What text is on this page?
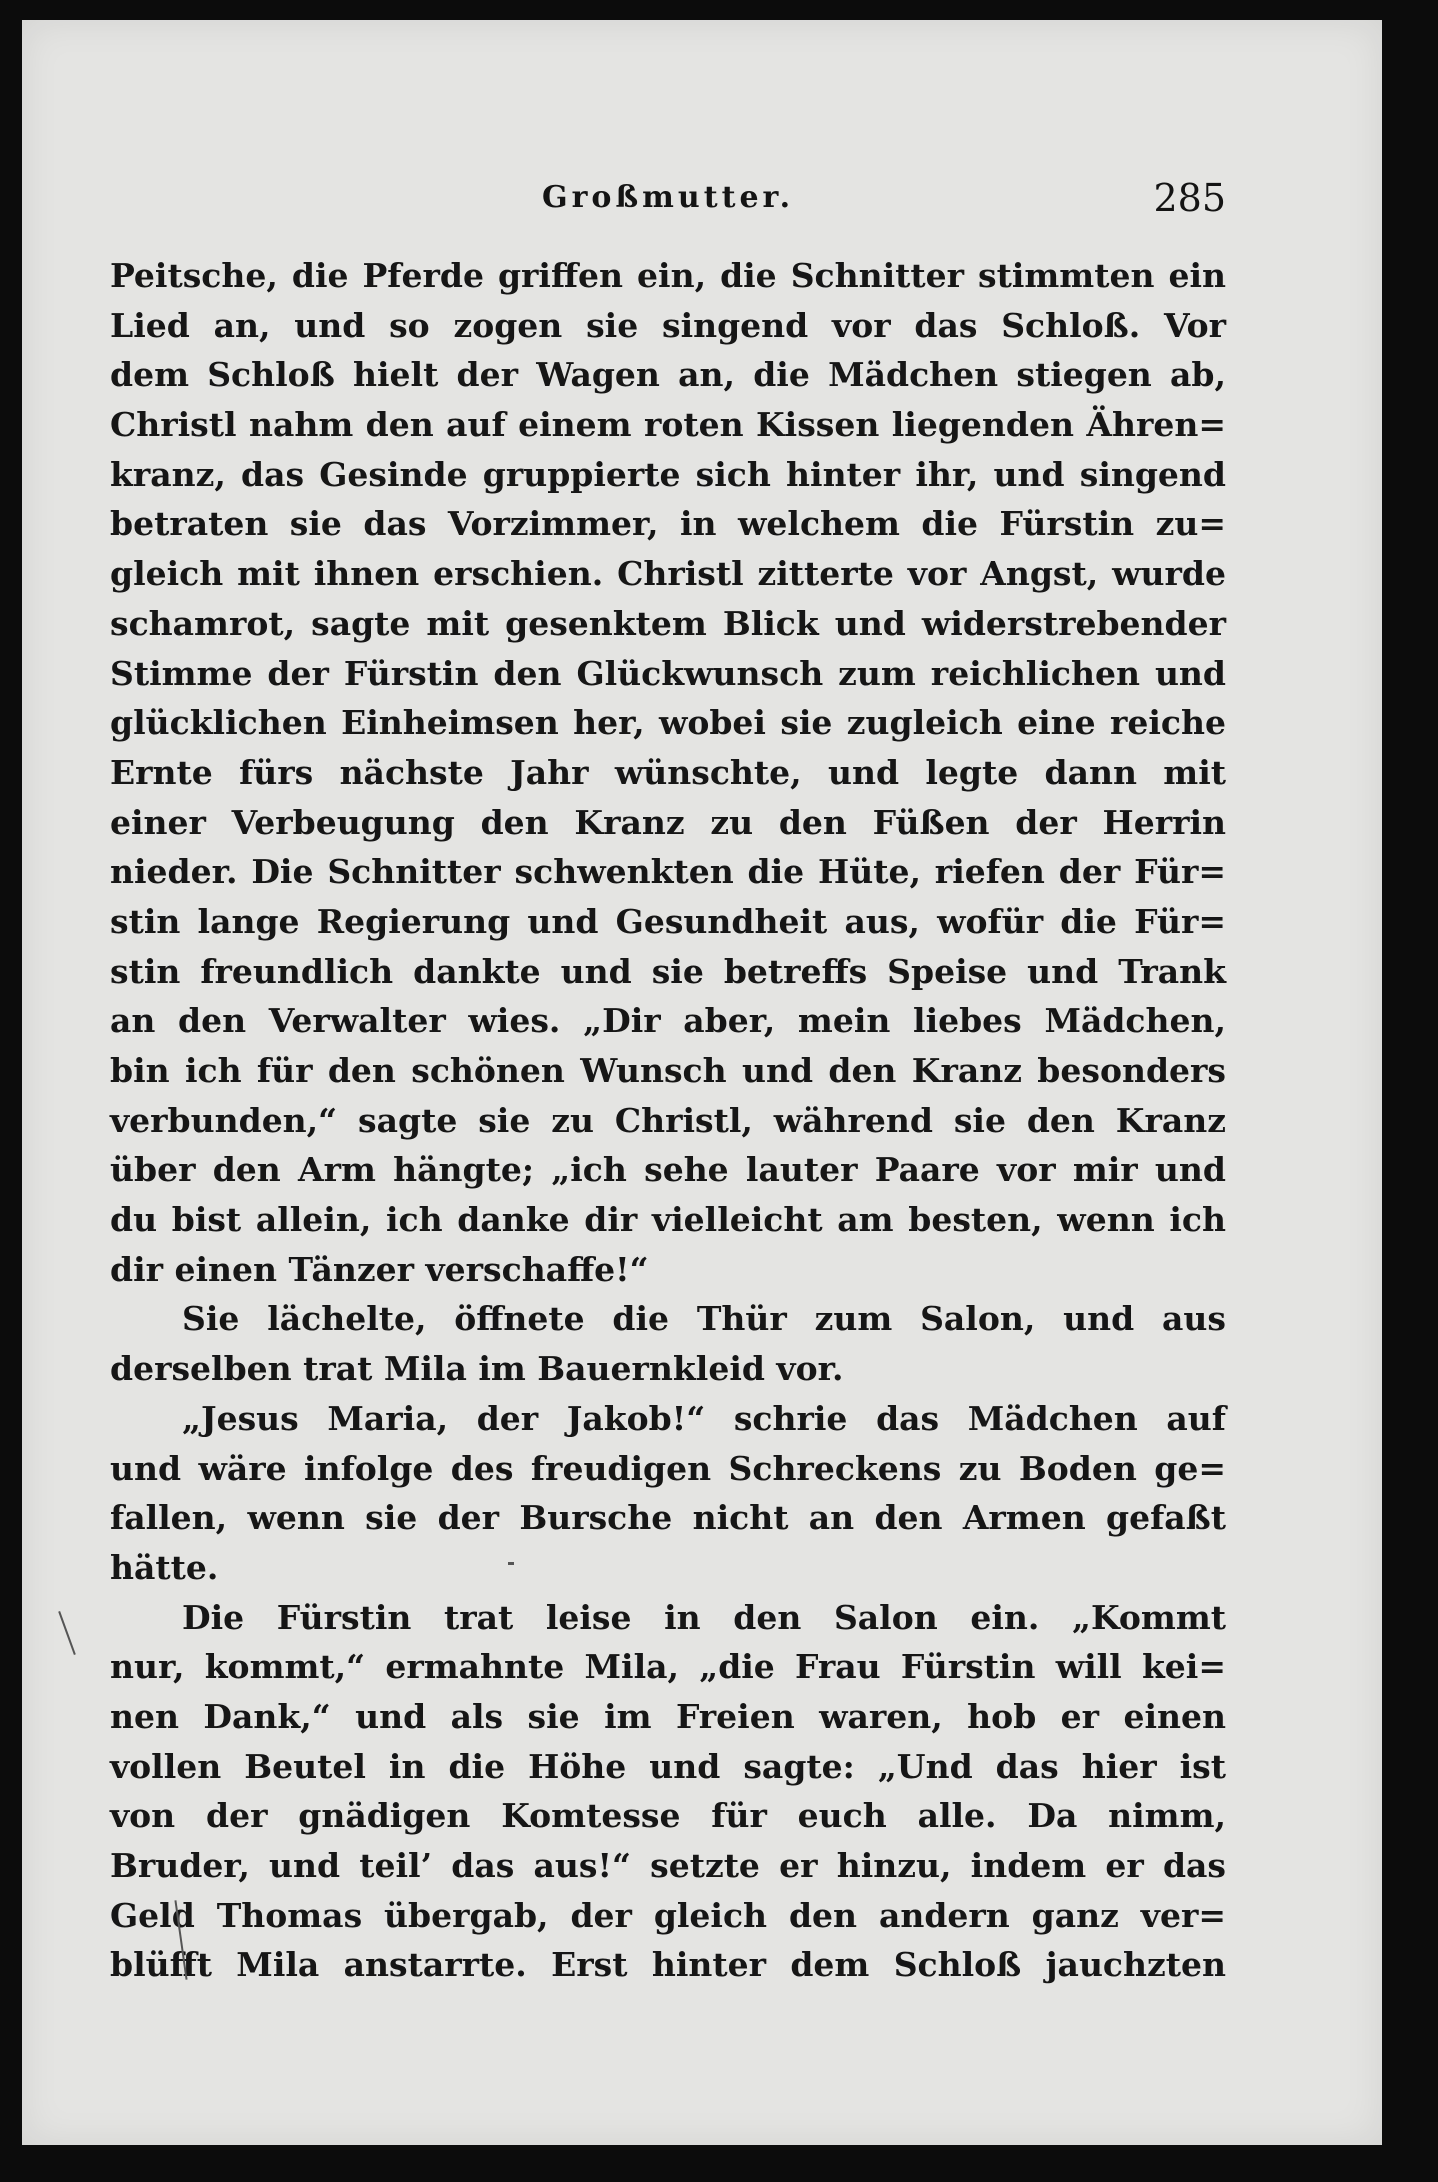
Großmutter.	285
Peitsche, die Pferde griffen ein, die Schnitter stimmten ein
Lied an, und so zogen sie singend vor das Schloß. Vor
dem Schloß hielt der Wagen an, die Mädchen stiegen ab,
Christl nahm den auf einem roten Kissen liegenden Ähren=
kranz, das Gesinde gruppierte sich hinter ihr, und singend
betraten sie das Vorzimmer, in welchem die Fürstin zu=
gleich mit ihnen erschien. Christl zitterte vor Angst, wurde
schamrot, sagte mit gesenktem Blick und widerstrebender
Stimme der Fürstin den Glückwunsch zum reichlichen und
glücklichen Einheimsen her, wobei sie zugleich eine reiche
Ernte fürs nächste Jahr wünschte, und legte dann mit
einer Verbeugung den Kranz zu den Füßen der Herrin
nieder. Die Schnitter schwenkten die Hüte, riefen der Für=
stin lange Regierung und Gesundheit aus, wofür die Für=
stin freundlich dankte und sie betreffs Speise und Trank
an den Verwalter wies. „Dir aber, mein liebes Mädchen,
bin ich für den schönen Wunsch und den Kranz besonders
verbunden,“ sagte sie zu Christl, während sie den Kranz
über den Arm hängte; „ich sehe lauter Paare vor mir und
du bist allein, ich danke dir vielleicht am besten, wenn ich
dir einen Tänzer verschaffe!“
Sie lächelte, öffnete die Thür zum Salon, und aus
derselben trat Mila im Bauernkleid vor.
„Jesus Maria, der Jakob!“ schrie das Mädchen auf
und wäre infolge des freudigen Schreckens zu Boden ge=
fallen, wenn sie der Bursche nicht an den Armen gefaßt
hätte.
Die Fürstin trat leise in den Salon ein. „Kommt
nur, kommt,“ ermahnte Mila, „die Frau Fürstin will kei=
nen Dank,“ und als sie im Freien waren, hob er einen
vollen Beutel in die Höhe und sagte: „Und das hier ist
von der gnädigen Komtesse für euch alle. Da nimm,
Bruder, und teil’ das aus!“ setzte er hinzu, indem er das
Geld Thomas übergab, der gleich den andern ganz ver=
blüfft Mila anstarrte. Erst hinter dem Schloß jauchzten
